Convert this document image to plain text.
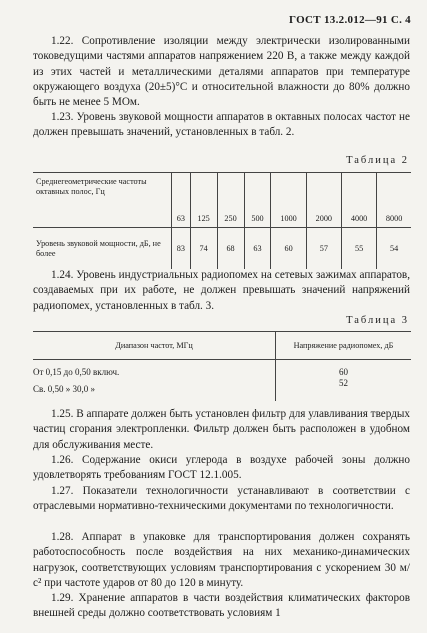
ГОСТ 13.2.012—91 С. 4

1.22. Сопротивление изоляции между электрически изолированными токоведущими частями аппаратов напряжением 220 В, а также между каждой из этих частей и металлическими деталями аппаратов при температуре окружающего воздуха (20±5)°С и относительной влажности до 80% должно быть не менее 5 МОм.

1.23. Уровень звуковой мощности аппаратов в октавных полосах частот не должен превышать значений, установленных в табл. 2.

Таблица 2
Среднегеометрические частоты октавных полос, Гц	63	125	250	500	1000	2000	4000	8000
Уровень звуковой мощности, дБ, не более	83	74	68	63	60	57	55	54

1.24. Уровень индустриальных радиопомех на сетевых зажимах аппаратов, создаваемых при их работе, не должен превышать значений напряжений радиопомех, установленных в табл. 3.

Таблица 3
Диапазон частот, МГц	Напряжение радиопомех, дБ
От 0,15 до 0,50 включ.	60
Св. 0,50 » 30,0 »	52

1.25. В аппарате должен быть установлен фильтр для улавливания твердых частиц сгорания электропленки. Фильтр должен быть расположен в удобном для обслуживания месте.

1.26. Содержание окиси углерода в воздухе рабочей зоны должно удовлетворять требованиям ГОСТ 12.1.005.

1.27. Показатели технологичности устанавливают в соответствии с отраслевыми нормативно-техническими документами по технологичности.

1.28. Аппарат в упаковке для транспортирования должен сохранять работоспособность после воздействия на них механико-динамических нагрузок, соответствующих условиям транспортирования с ускорением 30 м/с² при частоте ударов от 80 до 120 в минуту.

1.29. Хранение аппаратов в части воздействия климатических факторов внешней среды должно соответствовать условиям 1
